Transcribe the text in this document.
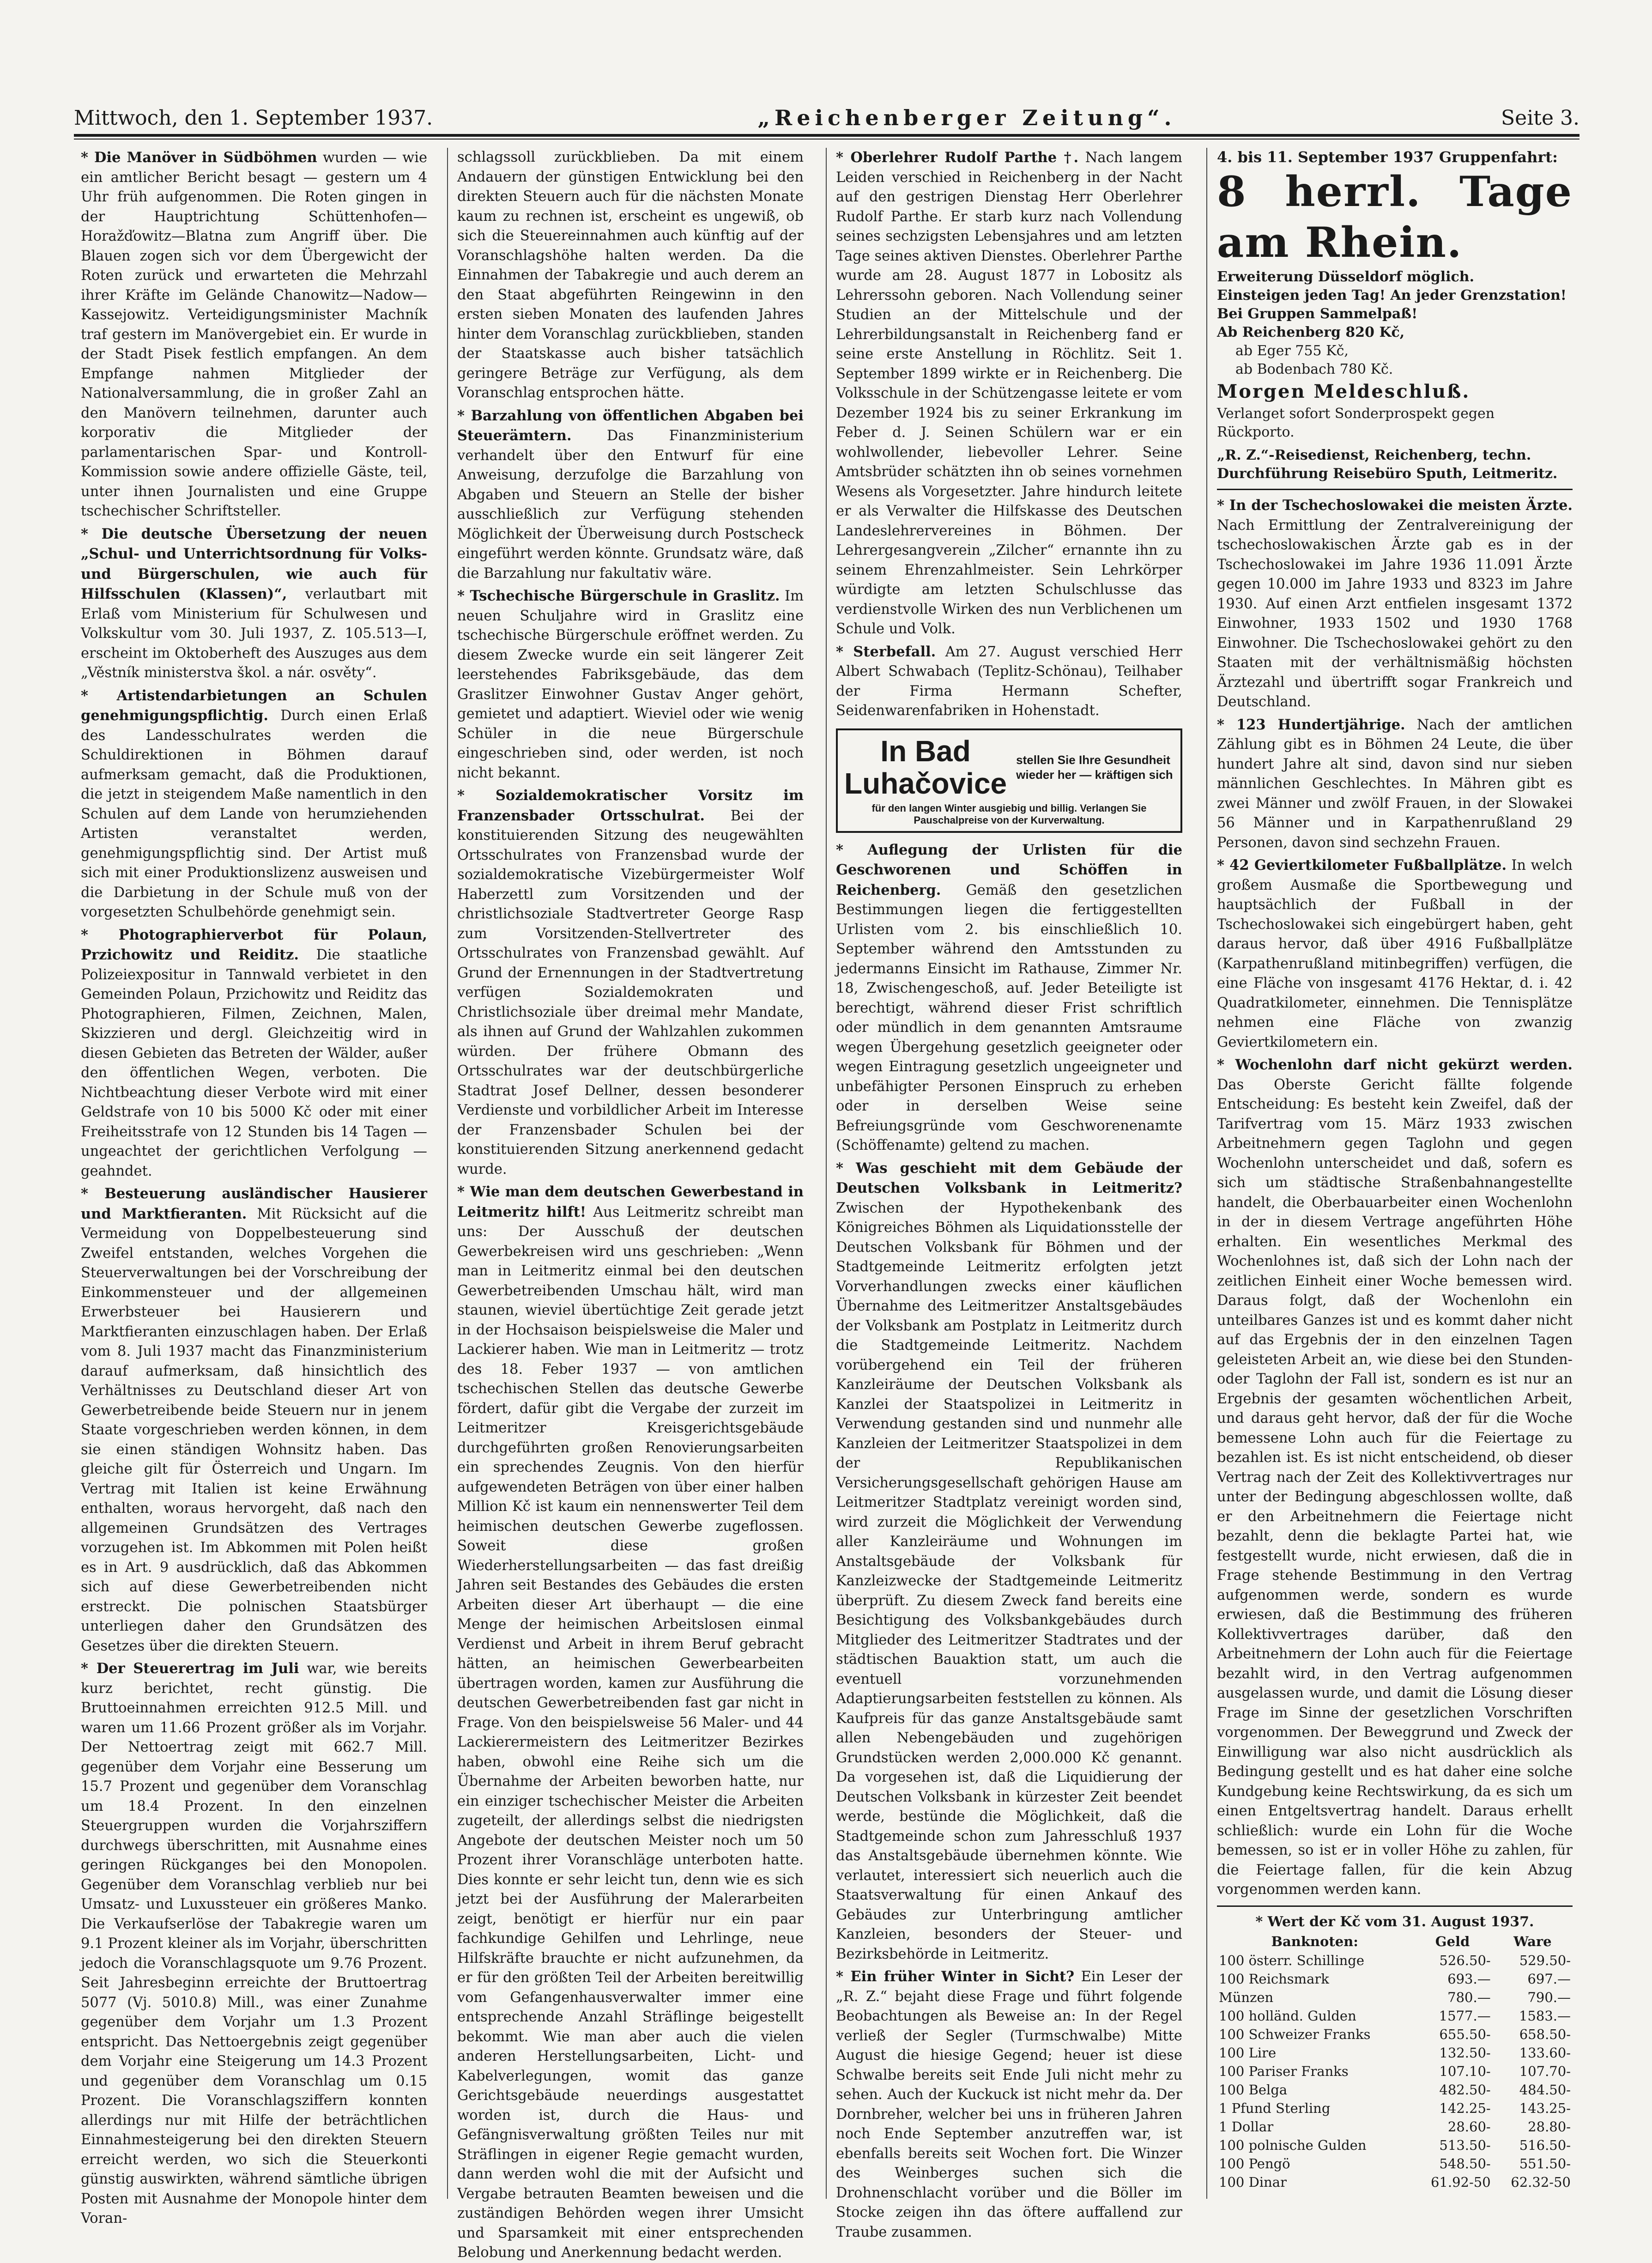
Mittwoch, den 1. September 1937.	„Reichenberger Zeitung“.	Seite 3.

* Die Manöver in Südböhmen wurden — wie ein amtlicher Bericht besagt — gestern um 4 Uhr früh aufgenommen. Die Roten gingen in der Hauptrichtung Schüttenhofen—Horažďowitz—Blatna zum Angriff über. Die Blauen zogen sich vor dem Übergewicht der Roten zurück und erwarteten die Mehrzahl ihrer Kräfte im Gelände Chanowitz—Nadow—Kassejowitz. Verteidigungsminister Machník traf gestern im Manövergebiet ein. Er wurde in der Stadt Pisek festlich empfangen. An dem Empfange nahmen Mitglieder der Nationalversammlung, die in großer Zahl an den Manövern teilnehmen, darunter auch korporativ die Mitglieder der parlamentarischen Spar- und Kontroll-Kommission sowie andere offizielle Gäste, teil, unter ihnen Journalisten und eine Gruppe tschechischer Schriftsteller.

* Die deutsche Übersetzung der neuen „Schul- und Unterrichtsordnung für Volks- und Bürgerschulen, wie auch für Hilfsschulen (Klassen)“, verlautbart mit Erlaß vom Ministerium für Schulwesen und Volkskultur vom 30. Juli 1937, Z. 105.513—I, erscheint im Oktoberheft des Auszuges aus dem „Věstník ministerstva škol. a nár. osvěty“.

* Artistendarbietungen an Schulen genehmigungspflichtig. Durch einen Erlaß des Landesschulrates werden die Schuldirektionen in Böhmen darauf aufmerksam gemacht, daß die Produktionen, die jetzt in steigendem Maße namentlich in den Schulen auf dem Lande von herumziehenden Artisten veranstaltet werden, genehmigungspflichtig sind. Der Artist muß sich mit einer Produktionslizenz ausweisen und die Darbietung in der Schule muß von der vorgesetzten Schulbehörde genehmigt sein.

* Photographierverbot für Polaun, Przichowitz und Reiditz. Die staatliche Polizeiexpositur in Tannwald verbietet in den Gemeinden Polaun, Przichowitz und Reiditz das Photographieren, Filmen, Zeichnen, Malen, Skizzieren und dergl. Gleichzeitig wird in diesen Gebieten das Betreten der Wälder, außer den öffentlichen Wegen, verboten. Die Nichtbeachtung dieser Verbote wird mit einer Geldstrafe von 10 bis 5000 Kč oder mit einer Freiheitsstrafe von 12 Stunden bis 14 Tagen — ungeachtet der gerichtlichen Verfolgung — geahndet.

* Besteuerung ausländischer Hausierer und Marktfieranten. Mit Rücksicht auf die Vermeidung von Doppelbesteuerung sind Zweifel entstanden, welches Vorgehen die Steuerverwaltungen bei der Vorschreibung der Einkommensteuer und der allgemeinen Erwerbsteuer bei Hausierern und Marktfieranten einzuschlagen haben. Der Erlaß vom 8. Juli 1937 macht das Finanzministerium darauf aufmerksam, daß hinsichtlich des Verhältnisses zu Deutschland dieser Art von Gewerbetreibende beide Steuern nur in jenem Staate vorgeschrieben werden können, in dem sie einen ständigen Wohnsitz haben. Das gleiche gilt für Österreich und Ungarn. Im Vertrag mit Italien ist keine Erwähnung enthalten, woraus hervorgeht, daß nach den allgemeinen Grundsätzen des Vertrages vorzugehen ist. Im Abkommen mit Polen heißt es in Art. 9 ausdrücklich, daß das Abkommen sich auf diese Gewerbetreibenden nicht erstreckt. Die polnischen Staatsbürger unterliegen daher den Grundsätzen des Gesetzes über die direkten Steuern.

* Der Steuerertrag im Juli war, wie bereits kurz berichtet, recht günstig. Die Bruttoeinnahmen erreichten 912.5 Mill. und waren um 11.66 Prozent größer als im Vorjahr. Der Nettoertrag zeigt mit 662.7 Mill. gegenüber dem Vorjahr eine Besserung um 15.7 Prozent und gegenüber dem Voranschlag um 18.4 Prozent. In den einzelnen Steuergruppen wurden die Vorjahrsziffern durchwegs überschritten, mit Ausnahme eines geringen Rückganges bei den Monopolen. Gegenüber dem Voranschlag verblieb nur bei Umsatz- und Luxussteuer ein größeres Manko. Die Verkaufserlöse der Tabakregie waren um 9.1 Prozent kleiner als im Vorjahr, überschritten jedoch die Voranschlagsquote um 9.76 Prozent. Seit Jahresbeginn erreichte der Bruttoertrag 5077 (Vj. 5010.8) Mill., was einer Zunahme gegenüber dem Vorjahr um 1.3 Prozent entspricht. Das Nettoergebnis zeigt gegenüber dem Vorjahr eine Steigerung um 14.3 Prozent und gegenüber dem Voranschlag um 0.15 Prozent. Die Voranschlagsziffern konnten allerdings nur mit Hilfe der beträchtlichen Einnahmesteigerung bei den direkten Steuern erreicht werden, wo sich die Steuerkonti günstig auswirkten, während sämtliche übrigen Posten mit Ausnahme der Monopole hinter dem Voran-

schlagssoll zurückblieben. Da mit einem Andauern der günstigen Entwicklung bei den direkten Steuern auch für die nächsten Monate kaum zu rechnen ist, erscheint es ungewiß, ob sich die Steuereinnahmen auch künftig auf der Voranschlagshöhe halten werden. Da die Einnahmen der Tabakregie und auch derem an den Staat abgeführten Reingewinn in den ersten sieben Monaten des laufenden Jahres hinter dem Voranschlag zurückblieben, standen der Staatskasse auch bisher tatsächlich geringere Beträge zur Verfügung, als dem Voranschlag entsprochen hätte.

* Barzahlung von öffentlichen Abgaben bei Steuerämtern. Das Finanzministerium verhandelt über den Entwurf für eine Anweisung, derzufolge die Barzahlung von Abgaben und Steuern an Stelle der bisher ausschließlich zur Verfügung stehenden Möglichkeit der Überweisung durch Postscheck eingeführt werden könnte. Grundsatz wäre, daß die Barzahlung nur fakultativ wäre.

* Tschechische Bürgerschule in Graslitz. Im neuen Schuljahre wird in Graslitz eine tschechische Bürgerschule eröffnet werden. Zu diesem Zwecke wurde ein seit längerer Zeit leerstehendes Fabriksgebäude, das dem Graslitzer Einwohner Gustav Anger gehört, gemietet und adaptiert. Wieviel oder wie wenig Schüler in die neue Bürgerschule eingeschrieben sind, oder werden, ist noch nicht bekannt.

* Sozialdemokratischer Vorsitz im Franzensbader Ortsschulrat. Bei der konstituierenden Sitzung des neugewählten Ortsschulrates von Franzensbad wurde der sozialdemokratische Vizebürgermeister Wolf Haberzettl zum Vorsitzenden und der christlichsoziale Stadtvertreter George Rasp zum Vorsitzenden-Stellvertreter des Ortsschulrates von Franzensbad gewählt. Auf Grund der Ernennungen in der Stadtvertretung verfügen Sozialdemokraten und Christlichsoziale über dreimal mehr Mandate, als ihnen auf Grund der Wahlzahlen zukommen würden. Der frühere Obmann des Ortsschulrates war der deutschbürgerliche Stadtrat Josef Dellner, dessen besonderer Verdienste und vorbildlicher Arbeit im Interesse der Franzensbader Schulen bei der konstituierenden Sitzung anerkennend gedacht wurde.

* Wie man dem deutschen Gewerbestand in Leitmeritz hilft! Aus Leitmeritz schreibt man uns: Der Ausschuß der deutschen Gewerbekreisen wird uns geschrieben: „Wenn man in Leitmeritz einmal bei den deutschen Gewerbetreibenden Umschau hält, wird man staunen, wieviel übertüchtige Zeit gerade jetzt in der Hochsaison beispielsweise die Maler und Lackierer haben. Wie man in Leitmeritz — trotz des 18. Feber 1937 — von amtlichen tschechischen Stellen das deutsche Gewerbe fördert, dafür gibt die Vergabe der zurzeit im Leitmeritzer Kreisgerichtsgebäude durchgeführten großen Renovierungsarbeiten ein sprechendes Zeugnis. Von den hierfür aufgewendeten Beträgen von über einer halben Million Kč ist kaum ein nennenswerter Teil dem heimischen deutschen Gewerbe zugeflossen. Soweit diese großen Wiederherstellungsarbeiten — das fast dreißig Jahren seit Bestandes des Gebäudes die ersten Arbeiten dieser Art überhaupt — die eine Menge der heimischen Arbeitslosen einmal Verdienst und Arbeit in ihrem Beruf gebracht hätten, an heimischen Gewerbearbeiten übertragen worden, kamen zur Ausführung die deutschen Gewerbetreibenden fast gar nicht in Frage. Von den beispielsweise 56 Maler- und 44 Lackierermeistern des Leitmeritzer Bezirkes haben, obwohl eine Reihe sich um die Übernahme der Arbeiten beworben hatte, nur ein einziger tschechischer Meister die Arbeiten zugeteilt, der allerdings selbst die niedrigsten Angebote der deutschen Meister noch um 50 Prozent ihrer Voranschläge unterboten hatte. Dies konnte er sehr leicht tun, denn wie es sich jetzt bei der Ausführung der Malerarbeiten zeigt, benötigt er hierfür nur ein paar fachkundige Gehilfen und Lehrlinge, neue Hilfskräfte brauchte er nicht aufzunehmen, da er für den größten Teil der Arbeiten bereitwillig vom Gefangenhausverwalter immer eine entsprechende Anzahl Sträflinge beigestellt bekommt. Wie man aber auch die vielen anderen Herstellungsarbeiten, Licht- und Kabelverlegungen, womit das ganze Gerichtsgebäude neuerdings ausgestattet worden ist, durch die Haus- und Gefängnisverwaltung größten Teiles nur mit Sträflingen in eigener Regie gemacht wurden, dann werden wohl die mit der Aufsicht und Vergabe betrauten Beamten beweisen und die zuständigen Behörden wegen ihrer Umsicht und Sparsamkeit mit einer entsprechenden Belobung und Anerkennung bedacht werden.

* Oberlehrer Rudolf Parthe †. Nach langem Leiden verschied in Reichenberg in der Nacht auf den gestrigen Dienstag Herr Oberlehrer Rudolf Parthe. Er starb kurz nach Vollendung seines sechzigsten Lebensjahres und am letzten Tage seines aktiven Dienstes. Oberlehrer Parthe wurde am 28. August 1877 in Lobositz als Lehrerssohn geboren. Nach Vollendung seiner Studien an der Mittelschule und der Lehrerbildungsanstalt in Reichenberg fand er seine erste Anstellung in Röchlitz. Seit 1. September 1899 wirkte er in Reichenberg. Die Volksschule in der Schützengasse leitete er vom Dezember 1924 bis zu seiner Erkrankung im Feber d. J. Seinen Schülern war er ein wohlwollender, liebevoller Lehrer. Seine Amtsbrüder schätzten ihn ob seines vornehmen Wesens als Vorgesetzter. Jahre hindurch leitete er als Verwalter die Hilfskasse des Deutschen Landeslehrervereines in Böhmen. Der Lehrergesangverein „Zilcher“ ernannte ihn zu seinem Ehrenzahlmeister. Sein Lehrkörper würdigte am letzten Schulschlusse das verdienstvolle Wirken des nun Verblichenen um Schule und Volk.

* Sterbefall. Am 27. August verschied Herr Albert Schwabach (Teplitz-Schönau), Teilhaber der Firma Hermann Schefter, Seidenwarenfabriken in Hohenstadt.

In Bad
Luhačovice
stellen Sie Ihre Gesundheit
wieder her — kräftigen sich
für den langen Winter ausgiebig und billig. Verlangen Sie Pauschalpreise von der Kurverwaltung.

* Auflegung der Urlisten für die Geschworenen und Schöffen in Reichenberg. Gemäß den gesetzlichen Bestimmungen liegen die fertiggestellten Urlisten vom 2. bis einschließlich 10. September während den Amtsstunden zu jedermanns Einsicht im Rathause, Zimmer Nr. 18, Zwischengeschoß, auf. Jeder Beteiligte ist berechtigt, während dieser Frist schriftlich oder mündlich in dem genannten Amtsraume wegen Übergehung gesetzlich geeigneter oder wegen Eintragung gesetzlich ungeeigneter und unbefähigter Personen Einspruch zu erheben oder in derselben Weise seine Befreiungsgründe vom Geschworenenamte (Schöffenamte) geltend zu machen.

* Was geschieht mit dem Gebäude der Deutschen Volksbank in Leitmeritz? Zwischen der Hypothekenbank des Königreiches Böhmen als Liquidationsstelle der Deutschen Volksbank für Böhmen und der Stadtgemeinde Leitmeritz erfolgten jetzt Vorverhandlungen zwecks einer käuflichen Übernahme des Leitmeritzer Anstaltsgebäudes der Volksbank am Postplatz in Leitmeritz durch die Stadtgemeinde Leitmeritz. Nachdem vorübergehend ein Teil der früheren Kanzleiräume der Deutschen Volksbank als Kanzlei der Staatspolizei in Leitmeritz in Verwendung gestanden sind und nunmehr alle Kanzleien der Leitmeritzer Staatspolizei in dem der Republikanischen Versicherungsgesellschaft gehörigen Hause am Leitmeritzer Stadtplatz vereinigt worden sind, wird zurzeit die Möglichkeit der Verwendung aller Kanzleiräume und Wohnungen im Anstaltsgebäude der Volksbank für Kanzleizwecke der Stadtgemeinde Leitmeritz überprüft. Zu diesem Zweck fand bereits eine Besichtigung des Volksbankgebäudes durch Mitglieder des Leitmeritzer Stadtrates und der städtischen Bauaktion statt, um auch die eventuell vorzunehmenden Adaptierungsarbeiten feststellen zu können. Als Kaufpreis für das ganze Anstaltsgebäude samt allen Nebengebäuden und zugehörigen Grundstücken werden 2,000.000 Kč genannt. Da vorgesehen ist, daß die Liquidierung der Deutschen Volksbank in kürzester Zeit beendet werde, bestünde die Möglichkeit, daß die Stadtgemeinde schon zum Jahresschluß 1937 das Anstaltsgebäude übernehmen könnte. Wie verlautet, interessiert sich neuerlich auch die Staatsverwaltung für einen Ankauf des Gebäudes zur Unterbringung amtlicher Kanzleien, besonders der Steuer- und Bezirksbehörde in Leitmeritz.

* Ein früher Winter in Sicht? Ein Leser der „R. Z.“ bejaht diese Frage und führt folgende Beobachtungen als Beweise an: In der Regel verließ der Segler (Turmschwalbe) Mitte August die hiesige Gegend; heuer ist diese Schwalbe bereits seit Ende Juli nicht mehr zu sehen. Auch der Kuckuck ist nicht mehr da. Der Dornbreher, welcher bei uns in früheren Jahren noch Ende September anzutreffen war, ist ebenfalls bereits seit Wochen fort. Die Winzer des Weinberges suchen sich die Drohnenschlacht vorüber und die Böller im Stocke zeigen ihn das öftere auffallend zur Traube zusammen.

4. bis 11. September 1937 Gruppenfahrt:
8 herrl. Tage am Rhein.
Erweiterung Düsseldorf möglich.
Einsteigen jeden Tag! An jeder Grenzstation!
Bei Gruppen Sammelpaß!
Ab Reichenberg 820 Kč,
ab Eger 755 Kč,
ab Bodenbach 780 Kč.
Morgen Meldeschluß.
Verlanget sofort Sonderprospekt gegen Rückporto.
„R. Z.“-Reisedienst, Reichenberg, techn. Durchführung Reisebüro Sputh, Leitmeritz.

* In der Tschechoslowakei die meisten Ärzte. Nach Ermittlung der Zentralvereinigung der tschechoslowakischen Ärzte gab es in der Tschechoslowakei im Jahre 1936 11.091 Ärzte gegen 10.000 im Jahre 1933 und 8323 im Jahre 1930. Auf einen Arzt entfielen insgesamt 1372 Einwohner, 1933 1502 und 1930 1768 Einwohner. Die Tschechoslowakei gehört zu den Staaten mit der verhältnismäßig höchsten Ärztezahl und übertrifft sogar Frankreich und Deutschland.

* 123 Hundertjährige. Nach der amtlichen Zählung gibt es in Böhmen 24 Leute, die über hundert Jahre alt sind, davon sind nur sieben männlichen Geschlechtes. In Mähren gibt es zwei Männer und zwölf Frauen, in der Slowakei 56 Männer und in Karpathenrußland 29 Personen, davon sind sechzehn Frauen.

* 42 Geviertkilometer Fußballplätze. In welch großem Ausmaße die Sportbewegung und hauptsächlich der Fußball in der Tschechoslowakei sich eingebürgert haben, geht daraus hervor, daß über 4916 Fußballplätze (Karpathenrußland mitinbegriffen) verfügen, die eine Fläche von insgesamt 4176 Hektar, d. i. 42 Quadratkilometer, einnehmen. Die Tennisplätze nehmen eine Fläche von zwanzig Geviertkilometern ein.

* Wochenlohn darf nicht gekürzt werden. Das Oberste Gericht fällte folgende Entscheidung: Es besteht kein Zweifel, daß der Tarifvertrag vom 15. März 1933 zwischen Arbeitnehmern gegen Taglohn und gegen Wochenlohn unterscheidet und daß, sofern es sich um städtische Straßenbahnangestellte handelt, die Oberbauarbeiter einen Wochenlohn in der in diesem Vertrage angeführten Höhe erhalten. Ein wesentliches Merkmal des Wochenlohnes ist, daß sich der Lohn nach der zeitlichen Einheit einer Woche bemessen wird. Daraus folgt, daß der Wochenlohn ein unteilbares Ganzes ist und es kommt daher nicht auf das Ergebnis der in den einzelnen Tagen geleisteten Arbeit an, wie diese bei den Stunden- oder Taglohn der Fall ist, sondern es ist nur an Ergebnis der gesamten wöchentlichen Arbeit, und daraus geht hervor, daß der für die Woche bemessene Lohn auch für die Feiertage zu bezahlen ist. Es ist nicht entscheidend, ob dieser Vertrag nach der Zeit des Kollektivvertrages nur unter der Bedingung abgeschlossen wollte, daß er den Arbeitnehmern die Feiertage nicht bezahlt, denn die beklagte Partei hat, wie festgestellt wurde, nicht erwiesen, daß die in Frage stehende Bestimmung in den Vertrag aufgenommen werde, sondern es wurde erwiesen, daß die Bestimmung des früheren Kollektivvertrages darüber, daß den Arbeitnehmern der Lohn auch für die Feiertage bezahlt wird, in den Vertrag aufgenommen ausgelassen wurde, und damit die Lösung dieser Frage im Sinne der gesetzlichen Vorschriften vorgenommen. Der Beweggrund und Zweck der Einwilligung war also nicht ausdrücklich als Bedingung gestellt und es hat daher eine solche Kundgebung keine Rechtswirkung, da es sich um einen Entgeltsvertrag handelt. Daraus erhellt schließlich: wurde ein Lohn für die Woche bemessen, so ist er in voller Höhe zu zahlen, für die Feiertage fallen, für die kein Abzug vorgenommen werden kann.

* Wert der Kč vom 31. August 1937.
Banknoten:	Geld	Ware
100 österr. Schillinge	526.50-	529.50-
100 Reichsmark	693.—	697.—
Münzen	780.—	790.—
100 holländ. Gulden	1577.—	1583.—
100 Schweizer Franks	655.50-	658.50-
100 Lire	132.50-	133.60-
100 Pariser Franks	107.10-	107.70-
100 Belga	482.50-	484.50-
1 Pfund Sterling	142.25-	143.25-
1 Dollar	28.60-	28.80-
100 polnische Gulden	513.50-	516.50-
100 Pengö	548.50-	551.50-
100 Dinar	61.92-50	62.32-50
